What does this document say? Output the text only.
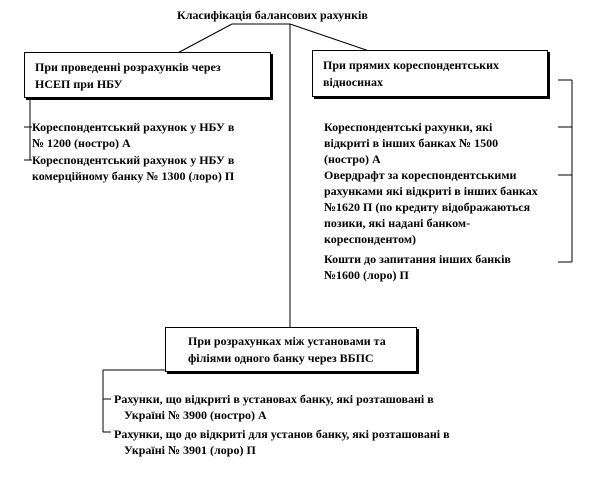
Класифікація балансових рахунків
При проведенні розрахунків через
НСЕП при НБУ
При прямих кореспондентських
відносинах
При розрахунках між установами та
філіями одного банку через ВБПС
Кореспондентський рахунок у НБУ в
№ 1200 (ностро) А
Кореспондентський рахунок у НБУ в
комерційному банку № 1300 (лоро) П
Кореспондентські рахунки, які
відкриті в інших банках № 1500
(ностро) А
Овердрафт за кореспондентськими
рахунками які відкриті в інших банках
№1620 П (по кредиту відображаються
позики, які надані банком-
кореспондентом)
Кошти до запитання інших банків
№1600 (лоро) П
Рахунки, що відкриті в установах банку, які розташовані в
Україні № 3900 (ностро) А
Рахунки, що до відкриті для установ банку, які розташовані в
Україні № 3901 (лоро) П
